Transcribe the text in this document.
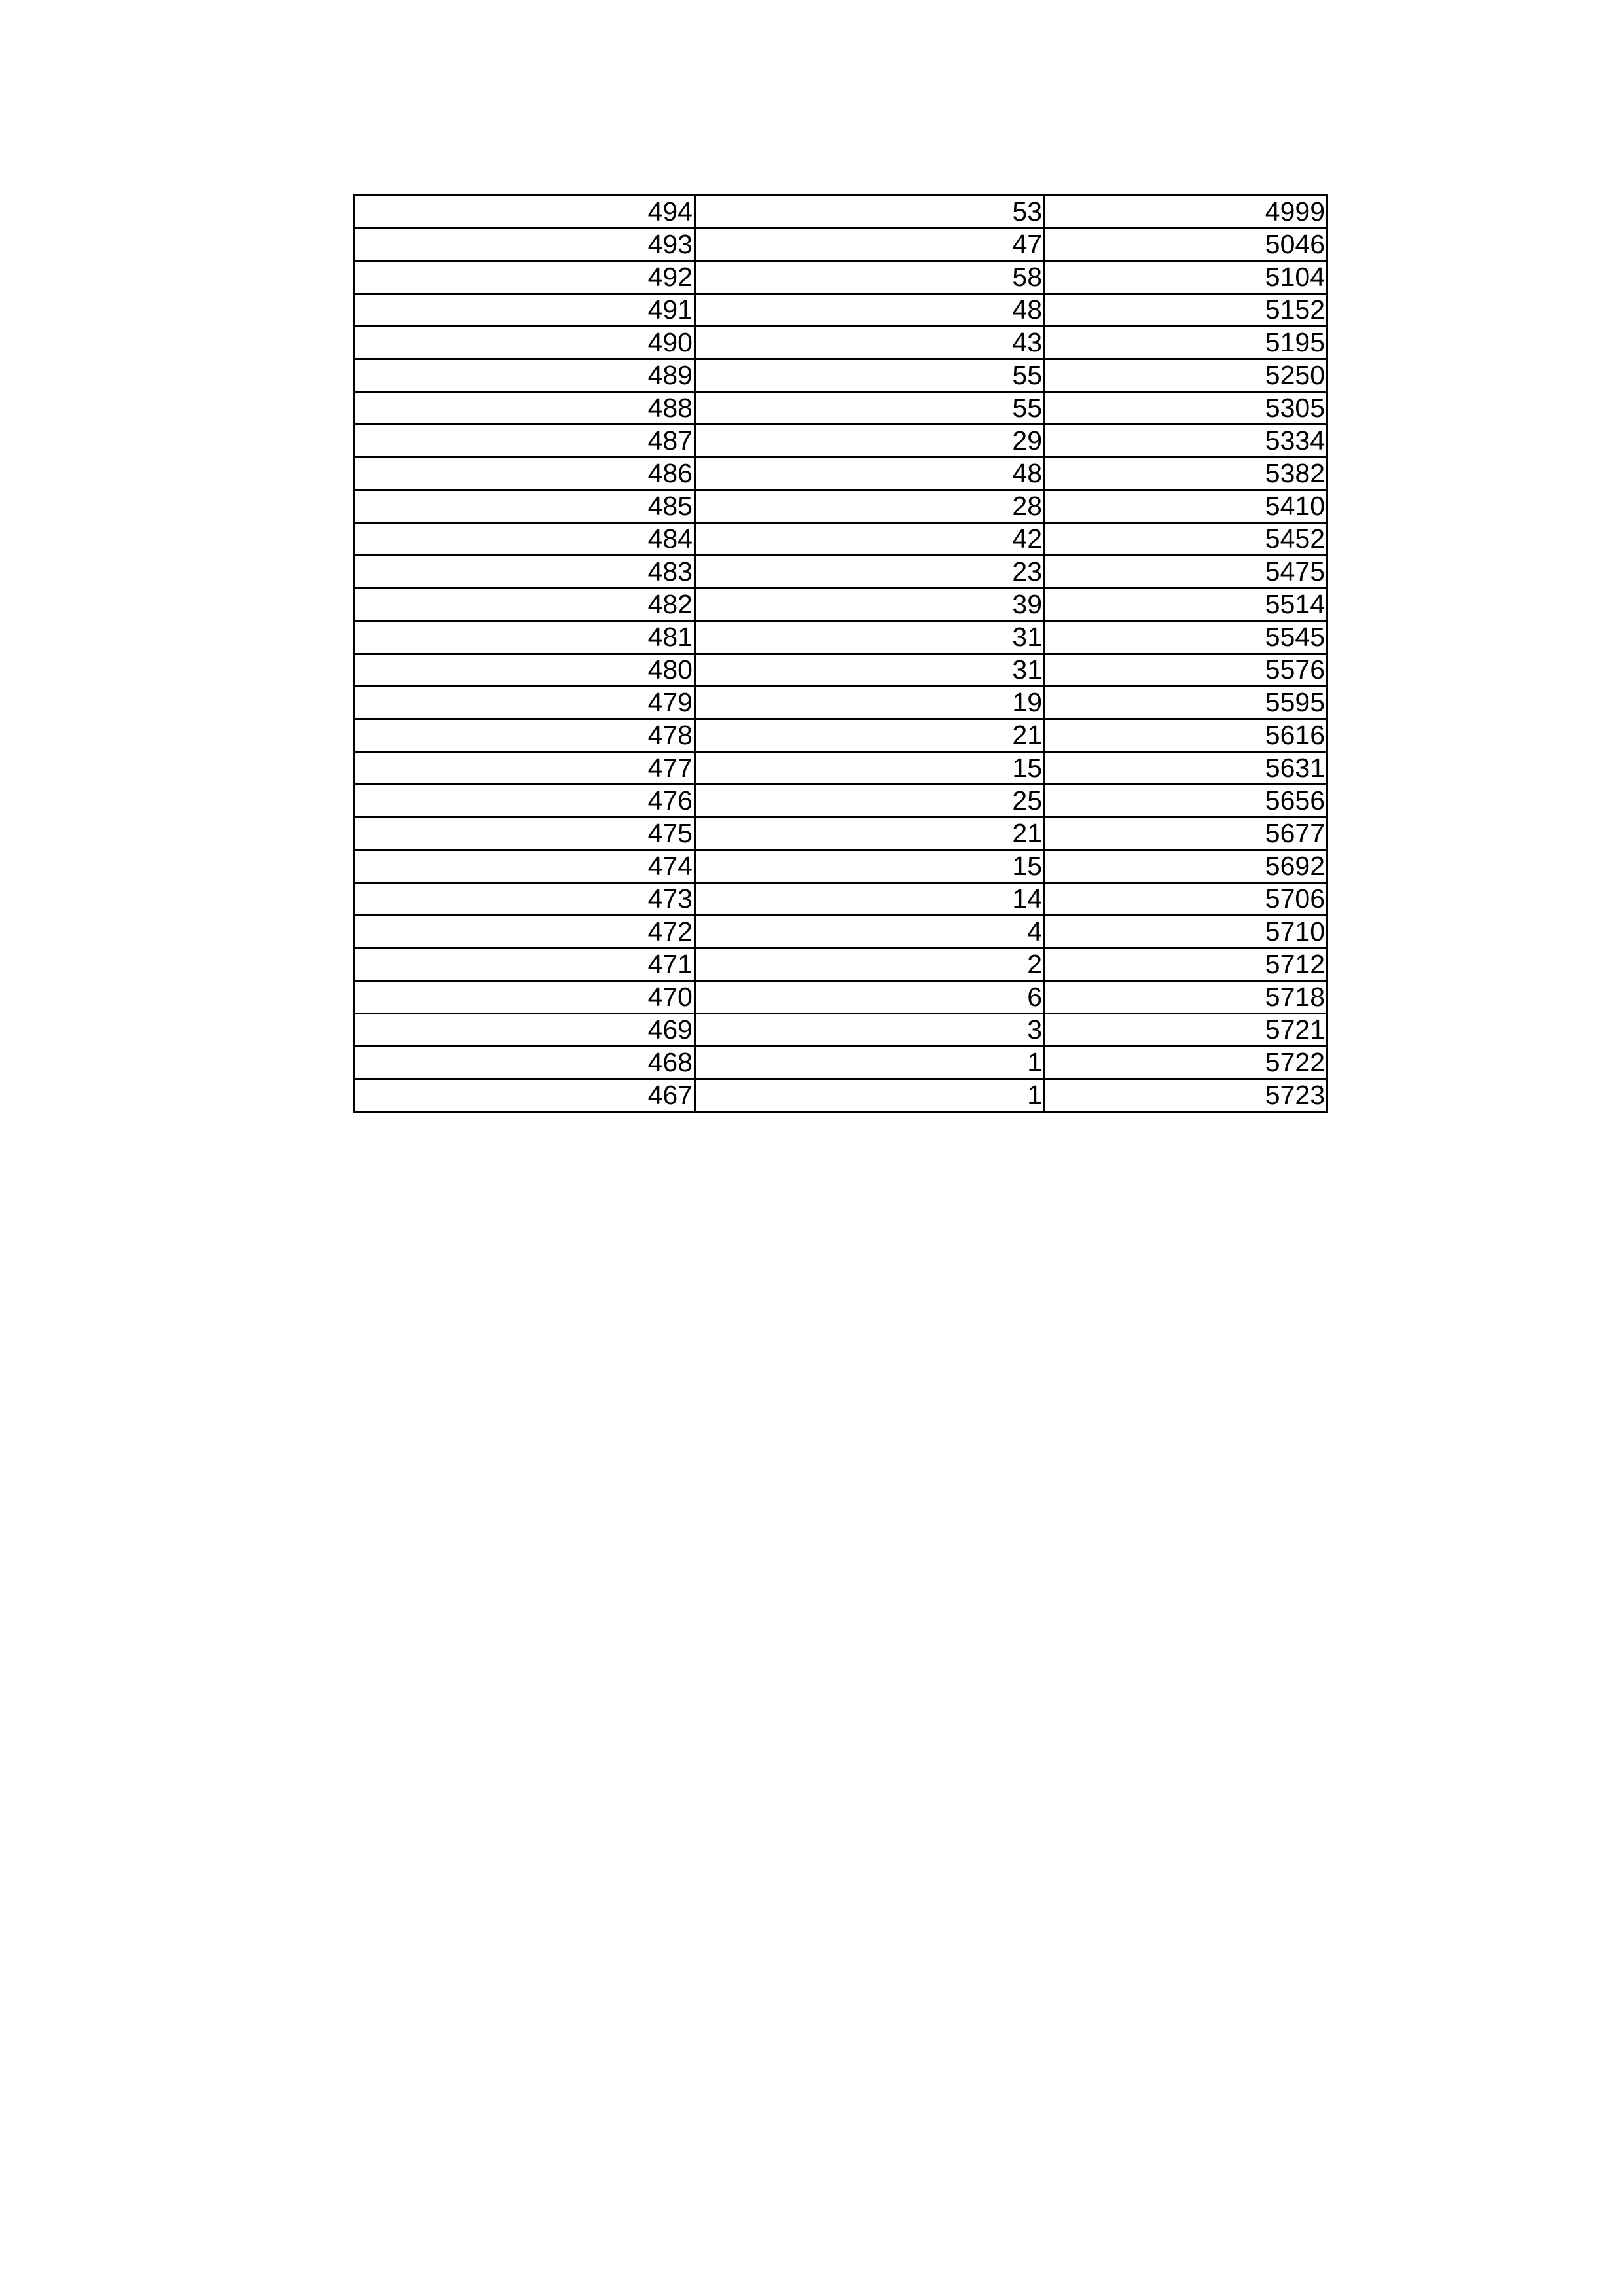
494	53	4999
493	47	5046
492	58	5104
491	48	5152
490	43	5195
489	55	5250
488	55	5305
487	29	5334
486	48	5382
485	28	5410
484	42	5452
483	23	5475
482	39	5514
481	31	5545
480	31	5576
479	19	5595
478	21	5616
477	15	5631
476	25	5656
475	21	5677
474	15	5692
473	14	5706
472	4	5710
471	2	5712
470	6	5718
469	3	5721
468	1	5722
467	1	5723
